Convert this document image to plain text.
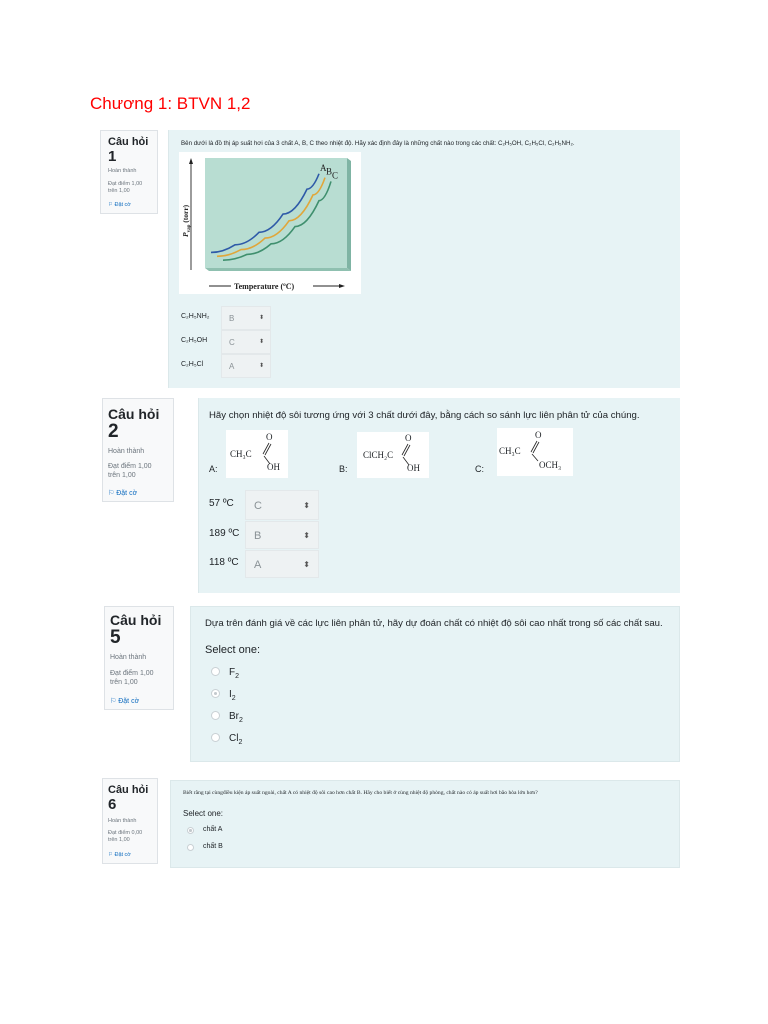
Chương 1: BTVN 1,2
Câu hỏi
1
Hoàn thành
Đạt điểm 1,00
trên 1,00
⚐ Đặt cờ
Bên dưới là đồ thị áp suất hơi của 3 chất A, B, C theo nhiệt độ. Hãy xác định đây là những chất nào trong các chất: C₂H₅OH, C₂H₅Cl, C₂H₅NH₂.
A B C
$P_{vap}$ (torr)
Temperature (ºC)
C₂H₅NH₂ B	⬍
C₂H₅OH	C	⬍
C₂H₅Cl	A	⬍
Câu hỏi
2
Hoàn thành
Đạt điểm 1,00
trên 1,00
⚐ Đặt cờ
Hãy chọn nhiệt độ sôi tương ứng với 3 chất dưới đây, bằng cách so sánh lực liên phân tử của chúng.
A:
O
CH₃C
OH	B:
O
ClCH₂C
OH	C:
O
CH₃C
OCH₃
57 ºC C	⬍
189 ºC B	⬍
118 ºC A	⬍
Câu hỏi
5
Hoàn thành
Đạt điểm 1,00
trên 1,00
⚐ Đặt cờ
Dựa trên đánh giá về các lực liên phân tử, hãy dự đoán chất có nhiệt độ sôi cao nhất trong số các chất sau.
Select one:
$F_2$
$I_2$
$Br_2$
$Cl_2$
Câu hỏi
6
Hoàn thành
Đạt điểm 0,00
trên 1,00
⚐ Đặt cờ
Biết rằng tại cùngđiều kiện áp suất ngoài, chất A có nhiệt độ sôi cao hơn chất B. Hãy cho biết ở cùng nhiệt độ phòng, chất nào có áp suất hơi bão hòa lớn hơn?
Select one:
chất A
chất B
